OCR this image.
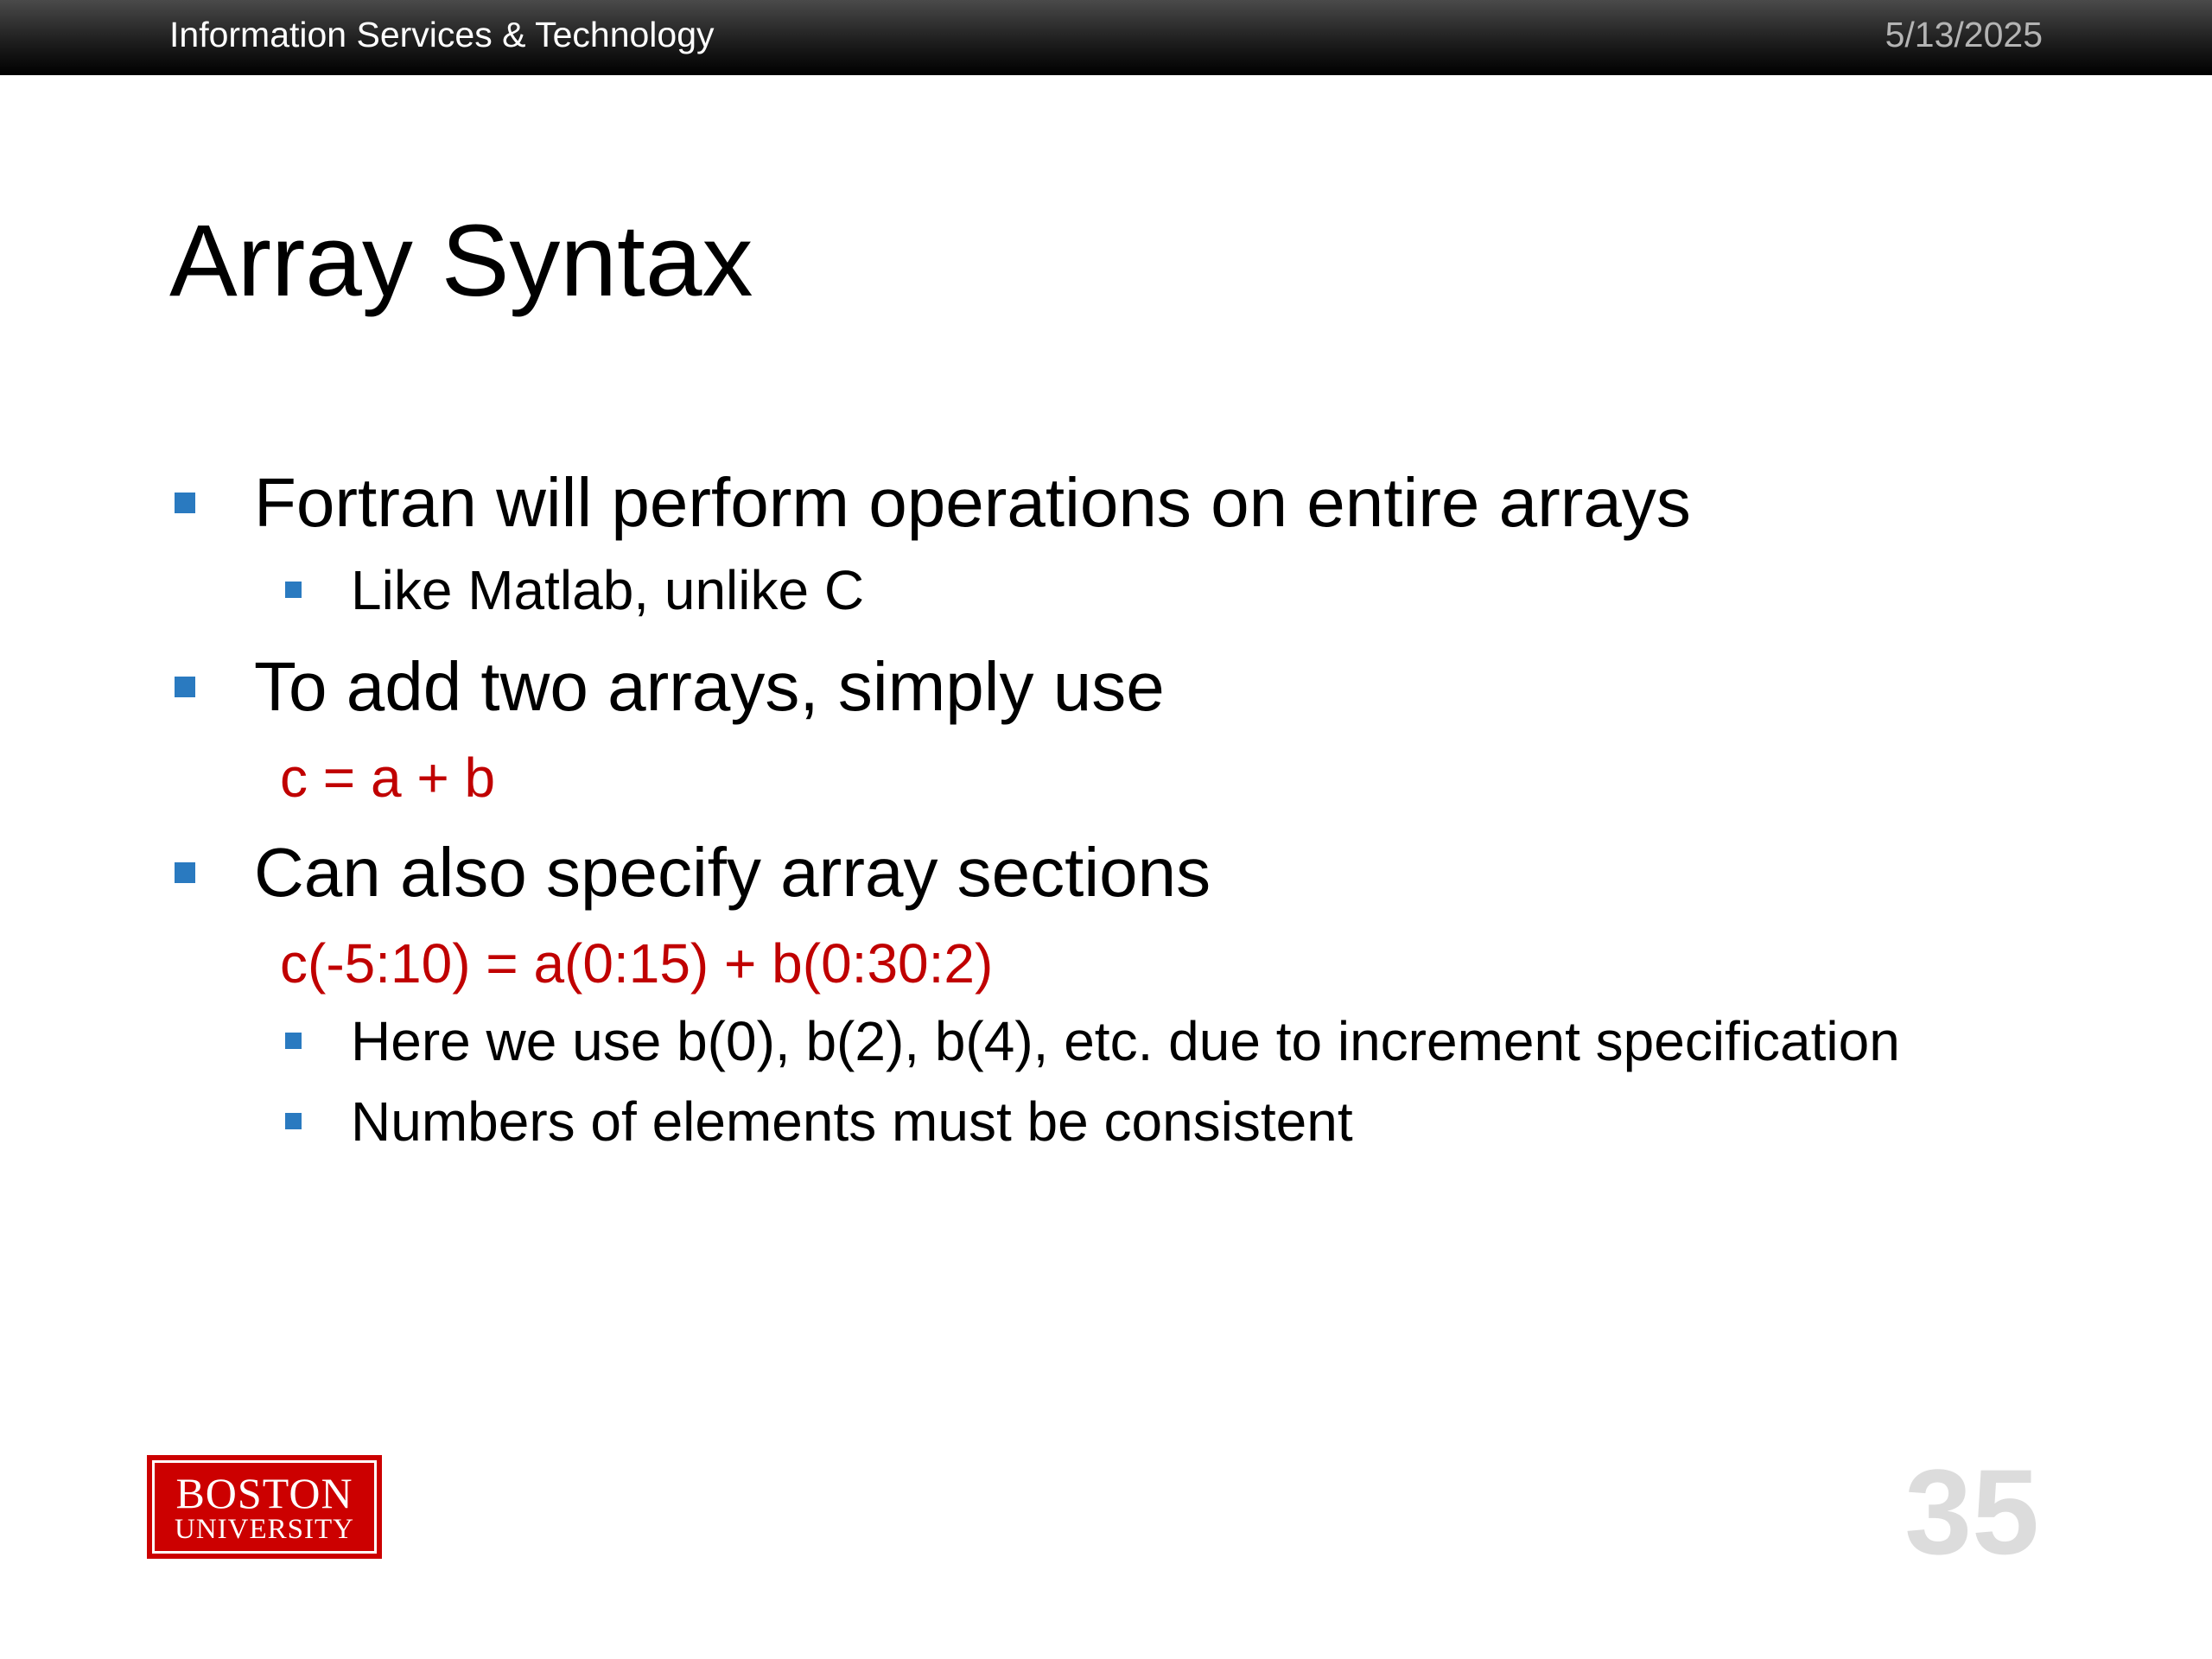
Information Services & Technology	5/13/2025
Array Syntax
Fortran will perform operations on entire arrays
Like Matlab, unlike C
To add two arrays, simply use
c = a + b
Can also specify array sections
c(-5:10) = a(0:15) + b(0:30:2)
Here we use b(0), b(2), b(4), etc. due to increment specification
Numbers of elements must be consistent
BOSTON
UNIVERSITY	35
